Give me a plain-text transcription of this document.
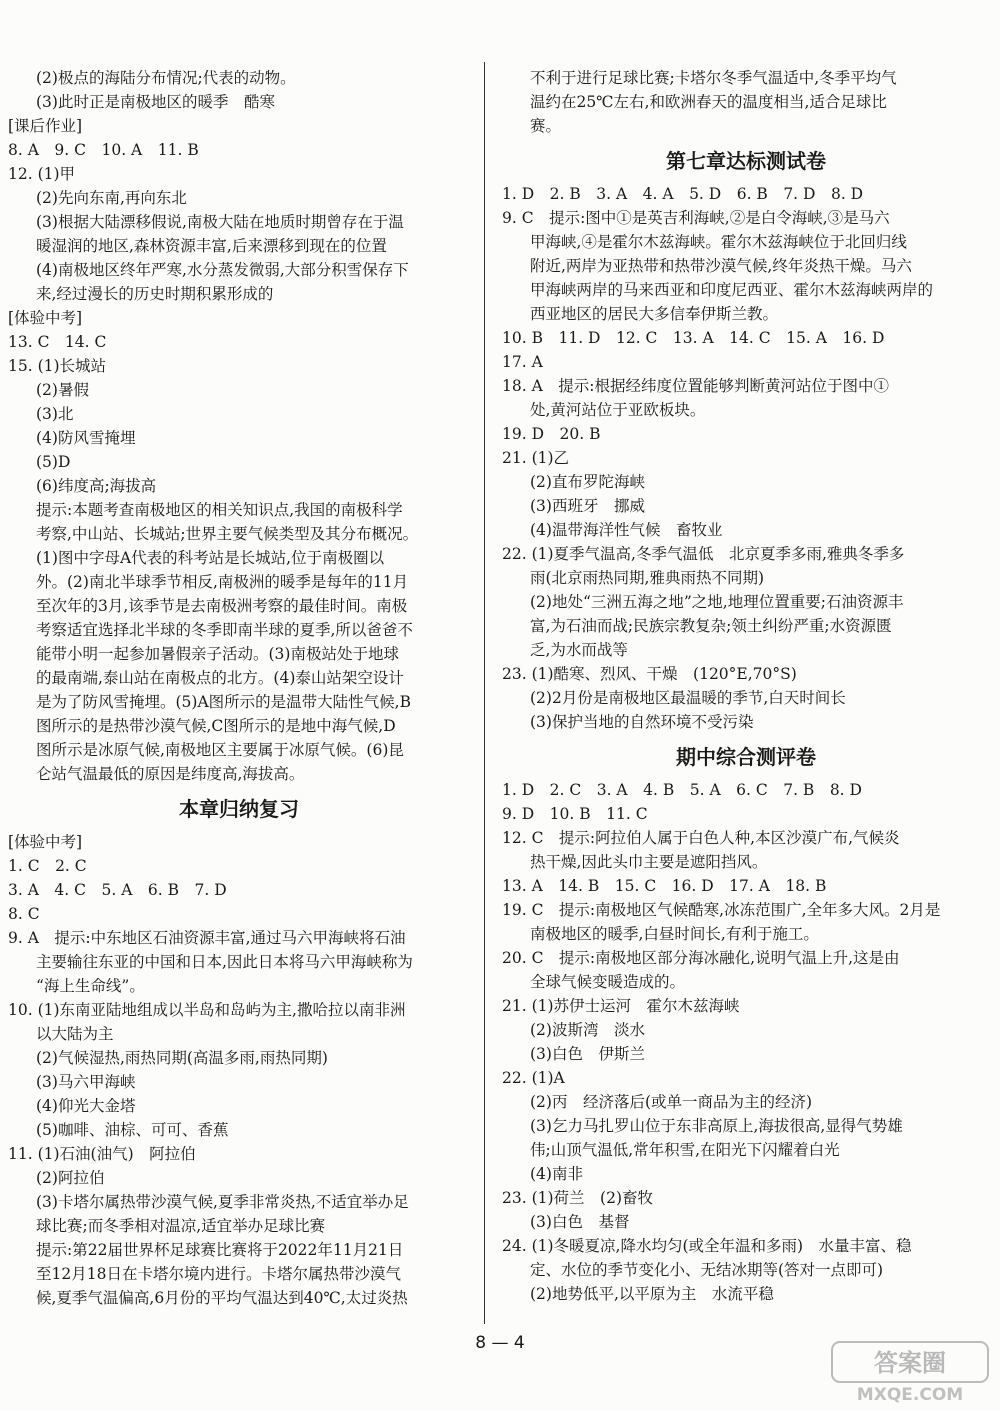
(2)极点的海陆分布情况;代表的动物。
(3)此时正是南极地区的暖季　酷寒
[课后作业]
8. A　9. C　10. A　11. B
12. (1)甲
(2)先向东南,再向东北
(3)根据大陆漂移假说,南极大陆在地质时期曾存在于温
暖湿润的地区,森林资源丰富,后来漂移到现在的位置
(4)南极地区终年严寒,水分蒸发微弱,大部分积雪保存下
来,经过漫长的历史时期积累形成的
[体验中考]
13. C　14. C
15. (1)长城站
(2)暑假
(3)北
(4)防风雪掩埋
(5)D
(6)纬度高;海拔高
提示:本题考查南极地区的相关知识点,我国的南极科学
考察,中山站、长城站;世界主要气候类型及其分布概况。
(1)图中字母A代表的科考站是长城站,位于南极圈以
外。(2)南北半球季节相反,南极洲的暖季是每年的11月
至次年的3月,该季节是去南极洲考察的最佳时间。南极
考察适宜选择北半球的冬季即南半球的夏季,所以爸爸不
能带小明一起参加暑假亲子活动。(3)南极站处于地球
的最南端,泰山站在南极点的北方。(4)泰山站架空设计
是为了防风雪掩埋。(5)A图所示的是温带大陆性气候,B
图所示的是热带沙漠气候,C图所示的是地中海气候,D
图所示是冰原气候,南极地区主要属于冰原气候。(6)昆
仑站气温最低的原因是纬度高,海拔高。
本章归纳复习
[体验中考]
1. C　2. C
3. A　4. C　5. A　6. B　7. D
8. C
9. A　提示:中东地区石油资源丰富,通过马六甲海峡将石油
主要输往东亚的中国和日本,因此日本将马六甲海峡称为
“海上生命线”。
10. (1)东南亚陆地组成以半岛和岛屿为主,撒哈拉以南非洲
以大陆为主
(2)气候湿热,雨热同期(高温多雨,雨热同期)
(3)马六甲海峡
(4)仰光大金塔
(5)咖啡、油棕、可可、香蕉
11. (1)石油(油气)　阿拉伯
(2)阿拉伯
(3)卡塔尔属热带沙漠气候,夏季非常炎热,不适宜举办足
球比赛;而冬季相对温凉,适宜举办足球比赛
提示:第22届世界杯足球赛比赛将于2022年11月21日
至12月18日在卡塔尔境内进行。卡塔尔属热带沙漠气
候,夏季气温偏高,6月份的平均气温达到40℃,太过炎热
不利于进行足球比赛;卡塔尔冬季气温适中,冬季平均气
温约在25℃左右,和欧洲春天的温度相当,适合足球比
赛。
第七章达标测试卷
1. D　2. B　3. A　4. A　5. D　6. B　7. D　8. D
9. C　提示:图中①是英吉利海峡,②是白令海峡,③是马六
甲海峡,④是霍尔木兹海峡。霍尔木兹海峡位于北回归线
附近,两岸为亚热带和热带沙漠气候,终年炎热干燥。马六
甲海峡两岸的马来西亚和印度尼西亚、霍尔木兹海峡两岸的
西亚地区的居民大多信奉伊斯兰教。
10. B　11. D　12. C　13. A　14. C　15. A　16. D
17. A
18. A　提示:根据经纬度位置能够判断黄河站位于图中①
处,黄河站位于亚欧板块。
19. D　20. B
21. (1)乙
(2)直布罗陀海峡
(3)西班牙　挪威
(4)温带海洋性气候　畜牧业
22. (1)夏季气温高,冬季气温低　北京夏季多雨,雅典冬季多
雨(北京雨热同期,雅典雨热不同期)
(2)地处“三洲五海之地”之地,地理位置重要;石油资源丰
富,为石油而战;民族宗教复杂;领土纠纷严重;水资源匮
乏,为水而战等
23. (1)酷寒、烈风、干燥　(120°E,70°S)
(2)2月份是南极地区最温暖的季节,白天时间长
(3)保护当地的自然环境不受污染
期中综合测评卷
1. D　2. C　3. A　4. B　5. A　6. C　7. B　8. D
9. D　10. B　11. C
12. C　提示:阿拉伯人属于白色人种,本区沙漠广布,气候炎
热干燥,因此头巾主要是遮阳挡风。
13. A　14. B　15. C　16. D　17. A　18. B
19. C　提示:南极地区气候酷寒,冰冻范围广,全年多大风。2月是
南极地区的暖季,白昼时间长,有利于施工。
20. C　提示:南极地区部分海冰融化,说明气温上升,这是由
全球气候变暖造成的。
21. (1)苏伊士运河　霍尔木兹海峡
(2)波斯湾　淡水
(3)白色　伊斯兰
22. (1)A
(2)丙　经济落后(或单一商品为主的经济)
(3)乞力马扎罗山位于东非高原上,海拔很高,显得气势雄
伟;山顶气温低,常年积雪,在阳光下闪耀着白光
(4)南非
23. (1)荷兰　(2)畜牧
(3)白色　基督
24. (1)冬暖夏凉,降水均匀(或全年温和多雨)　水量丰富、稳
定、水位的季节变化小、无结冰期等(答对一点即可)
(2)地势低平,以平原为主　水流平稳
8 — 4
答案圈
MXQE.COM
